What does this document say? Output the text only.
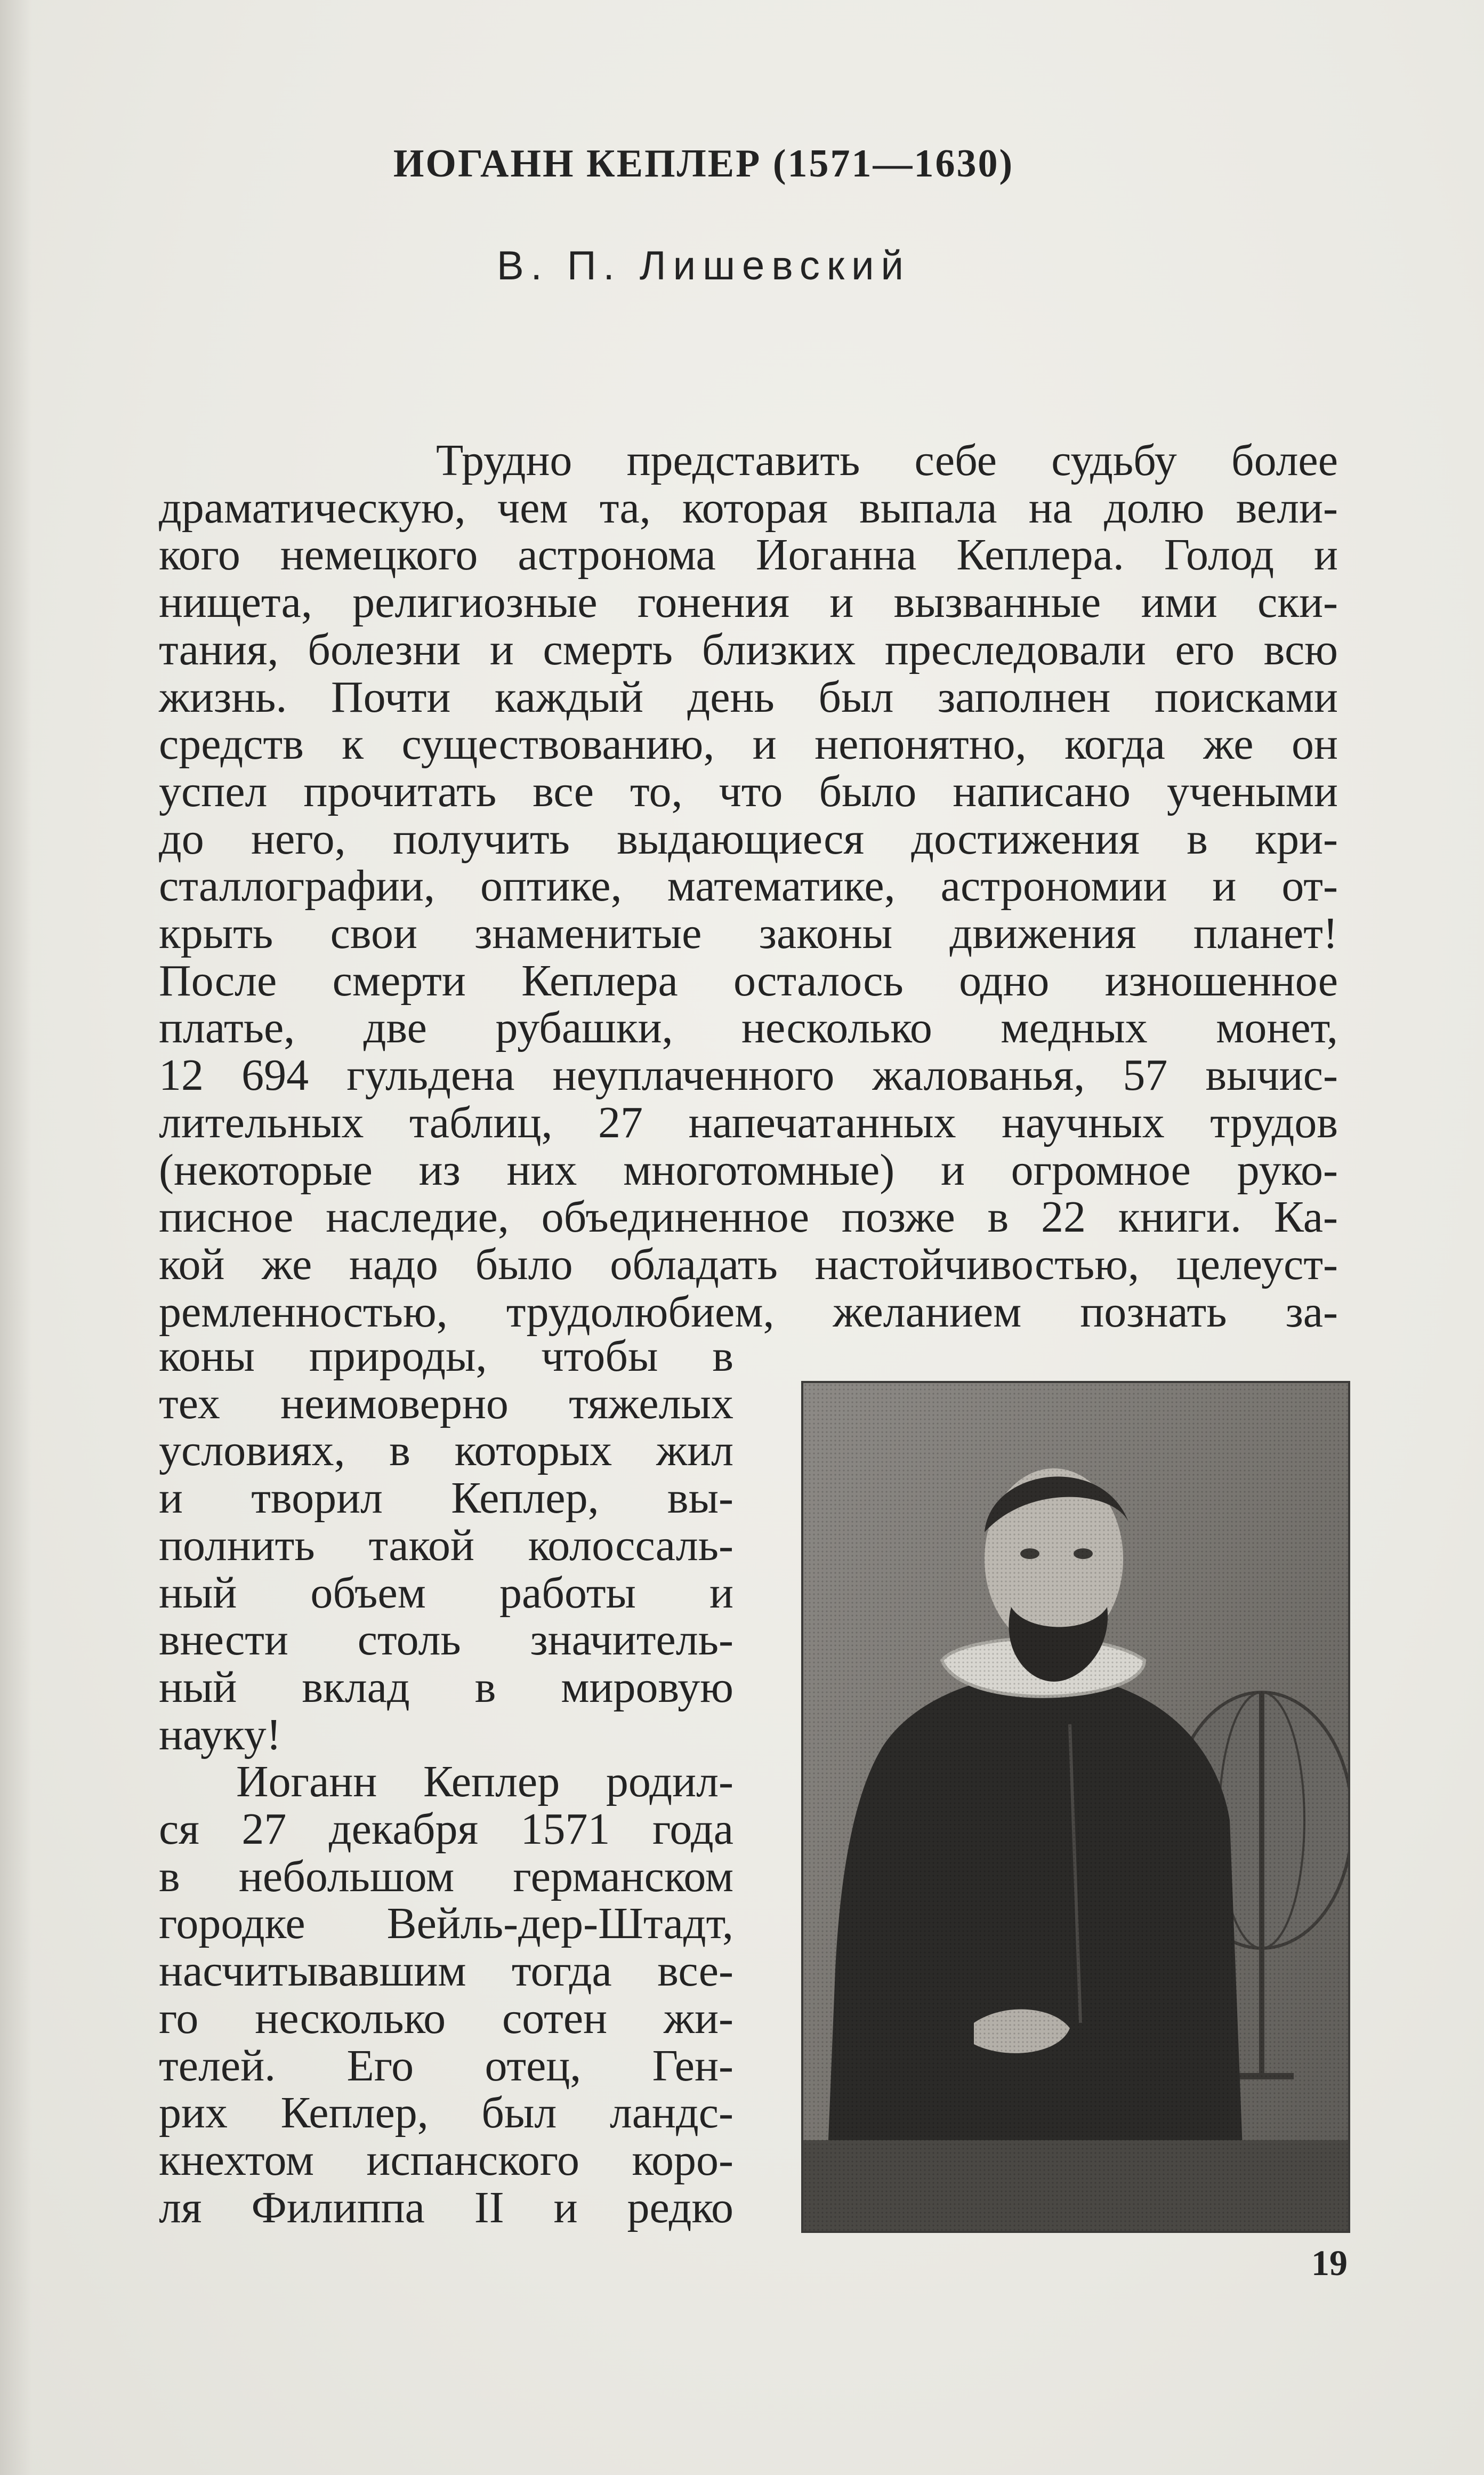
ИОГАНН КЕПЛЕР (1571—1630)
В. П. Лишевский
Трудно представить себе судьбу более
драматическую, чем та, которая выпала на долю вели-
кого немецкого астронома Иоганна Кеплера. Голод и
нищета, религиозные гонения и вызванные ими ски-
тания, болезни и смерть близких преследовали его всю
жизнь. Почти каждый день был заполнен поисками
средств к существованию, и непонятно, когда же он
успел прочитать все то, что было написано учеными
до него, получить выдающиеся достижения в кри-
сталлографии, оптике, математике, астрономии и от-
крыть свои знаменитые законы движения планет!
После смерти Кеплера осталось одно изношенное
платье, две рубашки, несколько медных монет,
12 694 гульдена неуплаченного жалованья, 57 вычис-
лительных таблиц, 27 напечатанных научных трудов
(некоторые из них многотомные) и огромное руко-
писное наследие, объединенное позже в 22 книги. Ка-
кой же надо было обладать настойчивостью, целеуст-
ремленностью, трудолюбием, желанием познать за-
коны природы, чтобы в
тех неимоверно тяжелых
условиях, в которых жил
и творил Кеплер, вы-
полнить такой колоссаль-
ный объем работы и
внести столь значитель-
ный вклад в мировую
науку!
Иоганн Кеплер родил-
ся 27 декабря 1571 года
в небольшом германском
городке Вейль-дер-Штадт,
насчитывавшим тогда все-
го несколько сотен жи-
телей. Его отец, Ген-
рих Кеплер, был ландс-
кнехтом испанского коро-
ля Филиппа II и редко
19
